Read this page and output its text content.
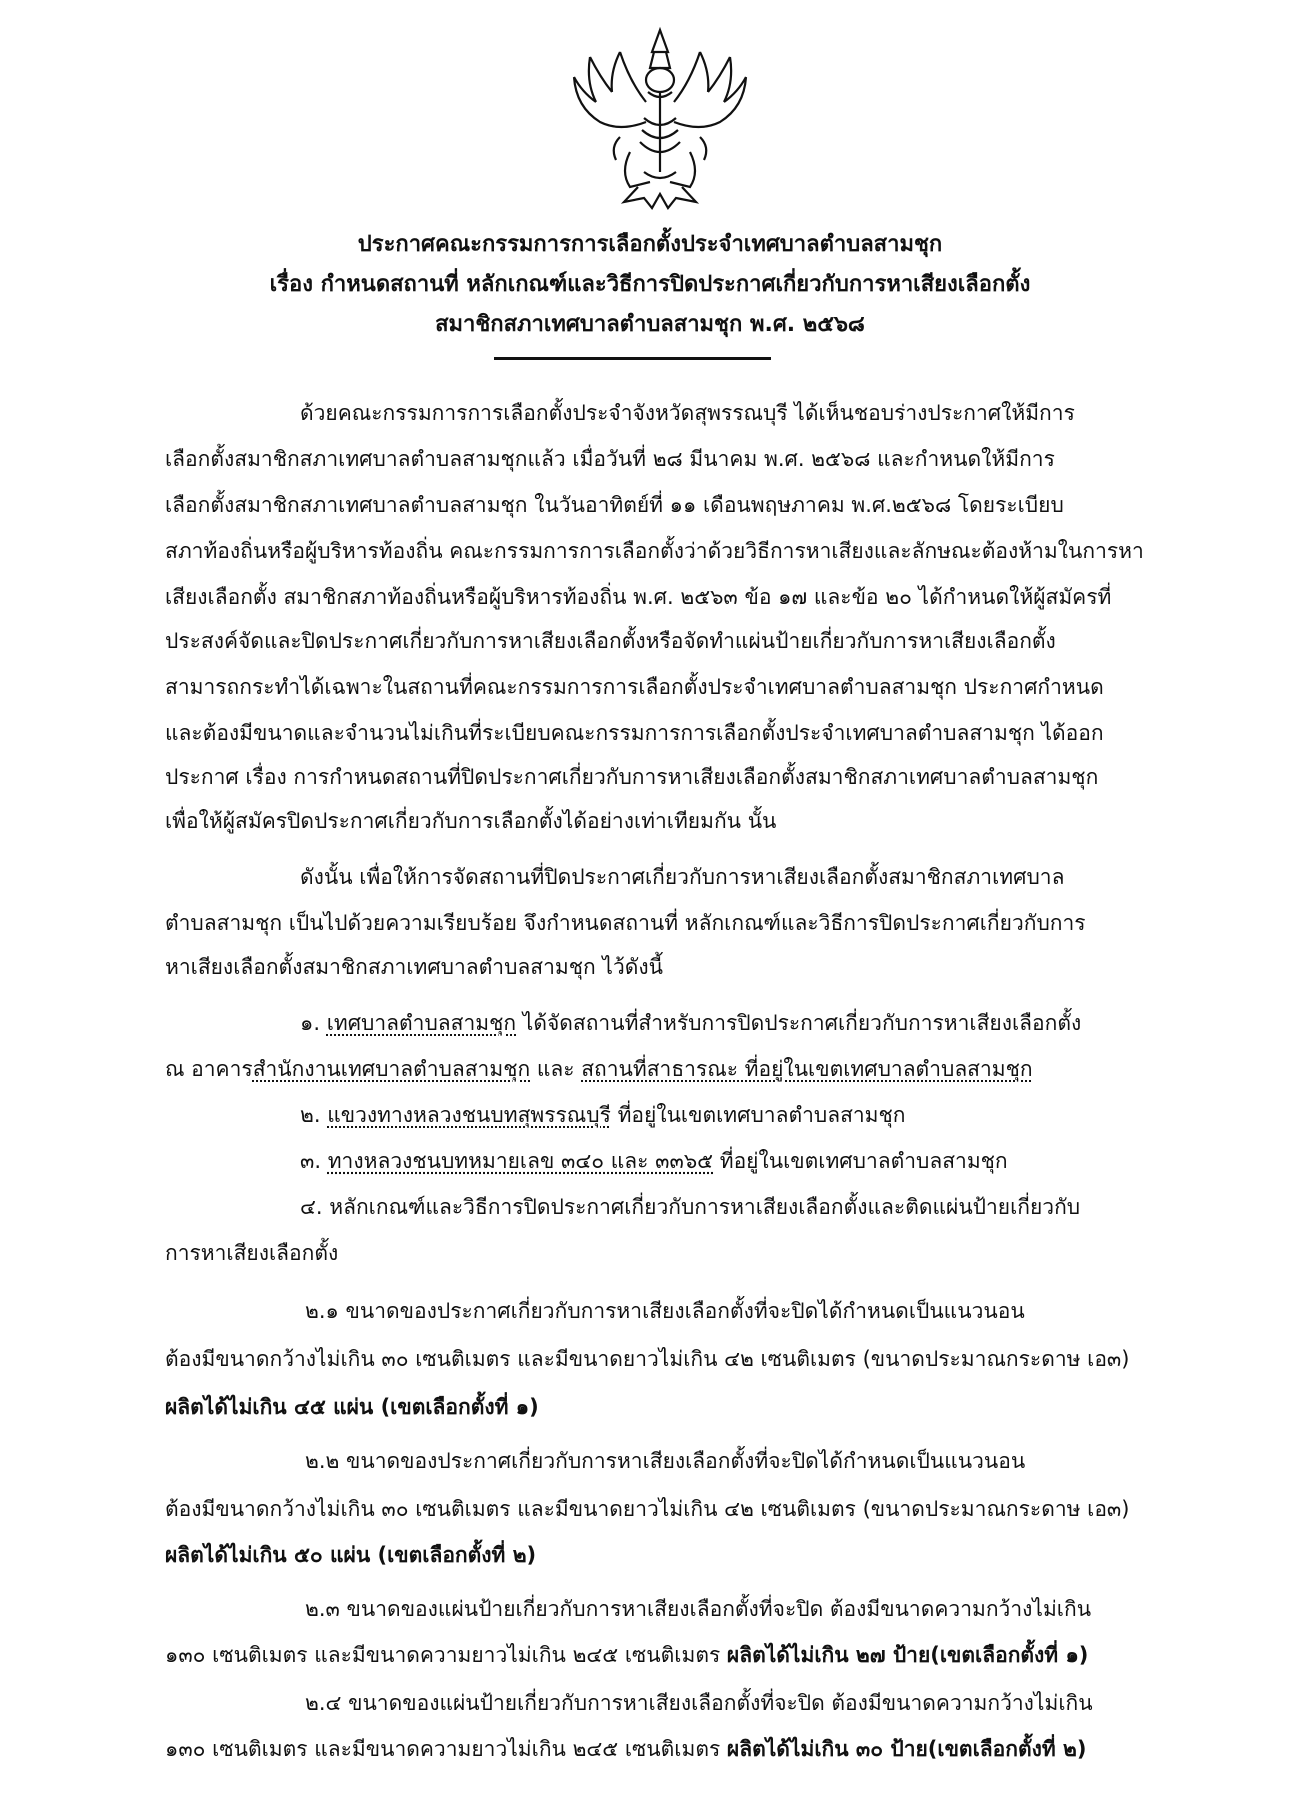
ประกาศคณะกรรมการการเลือกตั้งประจำเทศบาลตำบลสามชุก
เรื่อง กำหนดสถานที่ หลักเกณฑ์และวิธีการปิดประกาศเกี่ยวกับการหาเสียงเลือกตั้ง
สมาชิกสภาเทศบาลตำบลสามชุก พ.ศ. ๒๕๖๘
ด้วยคณะกรรมการการเลือกตั้งประจำจังหวัดสุพรรณบุรี ได้เห็นชอบร่างประกาศให้มีการ
เลือกตั้งสมาชิกสภาเทศบาลตำบลสามชุกแล้ว เมื่อวันที่ ๒๘ มีนาคม พ.ศ. ๒๕๖๘ และกำหนดให้มีการ
เลือกตั้งสมาชิกสภาเทศบาลตำบลสามชุก ในวันอาทิตย์ที่ ๑๑ เดือนพฤษภาคม พ.ศ.๒๕๖๘ โดยระเบียบ
สภาท้องถิ่นหรือผู้บริหารท้องถิ่น คณะกรรมการการเลือกตั้งว่าด้วยวิธีการหาเสียงและลักษณะต้องห้ามในการหา
เสียงเลือกตั้ง สมาชิกสภาท้องถิ่นหรือผู้บริหารท้องถิ่น พ.ศ. ๒๕๖๓ ข้อ ๑๗ และข้อ ๒๐ ได้กำหนดให้ผู้สมัครที่
ประสงค์จัดและปิดประกาศเกี่ยวกับการหาเสียงเลือกตั้งหรือจัดทำแผ่นป้ายเกี่ยวกับการหาเสียงเลือกตั้ง
สามารถกระทำได้เฉพาะในสถานที่คณะกรรมการการเลือกตั้งประจำเทศบาลตำบลสามชุก ประกาศกำหนด
และต้องมีขนาดและจำนวนไม่เกินที่ระเบียบคณะกรรมการการเลือกตั้งประจำเทศบาลตำบลสามชุก ได้ออก
ประกาศ เรื่อง การกำหนดสถานที่ปิดประกาศเกี่ยวกับการหาเสียงเลือกตั้งสมาชิกสภาเทศบาลตำบลสามชุก
เพื่อให้ผู้สมัครปิดประกาศเกี่ยวกับการเลือกตั้งได้อย่างเท่าเทียมกัน นั้น
ดังนั้น เพื่อให้การจัดสถานที่ปิดประกาศเกี่ยวกับการหาเสียงเลือกตั้งสมาชิกสภาเทศบาล
ตำบลสามชุก เป็นไปด้วยความเรียบร้อย จึงกำหนดสถานที่ หลักเกณฑ์และวิธีการปิดประกาศเกี่ยวกับการ
หาเสียงเลือกตั้งสมาชิกสภาเทศบาลตำบลสามชุก ไว้ดังนี้
๑. เทศบาลตำบลสามชุก ได้จัดสถานที่สำหรับการปิดประกาศเกี่ยวกับการหาเสียงเลือกตั้ง
ณ อาคารสำนักงานเทศบาลตำบลสามชุก และ สถานที่สาธารณะ ที่อยู่ในเขตเทศบาลตำบลสามชุก
๒. แขวงทางหลวงชนบทสุพรรณบุรี ที่อยู่ในเขตเทศบาลตำบลสามชุก
๓. ทางหลวงชนบทหมายเลข ๓๔๐ และ ๓๓๖๕ ที่อยู่ในเขตเทศบาลตำบลสามชุก
๔. หลักเกณฑ์และวิธีการปิดประกาศเกี่ยวกับการหาเสียงเลือกตั้งและติดแผ่นป้ายเกี่ยวกับ
การหาเสียงเลือกตั้ง
๒.๑ ขนาดของประกาศเกี่ยวกับการหาเสียงเลือกตั้งที่จะปิดได้กำหนดเป็นแนวนอน
ต้องมีขนาดกว้างไม่เกิน ๓๐ เซนติเมตร และมีขนาดยาวไม่เกิน ๔๒ เซนติเมตร (ขนาดประมาณกระดาษ เอ๓)
ผลิตได้ไม่เกิน ๔๕ แผ่น (เขตเลือกตั้งที่ ๑)
๒.๒ ขนาดของประกาศเกี่ยวกับการหาเสียงเลือกตั้งที่จะปิดได้กำหนดเป็นแนวนอน
ต้องมีขนาดกว้างไม่เกิน ๓๐ เซนติเมตร และมีขนาดยาวไม่เกิน ๔๒ เซนติเมตร (ขนาดประมาณกระดาษ เอ๓)
ผลิตได้ไม่เกิน ๕๐ แผ่น (เขตเลือกตั้งที่ ๒)
๒.๓ ขนาดของแผ่นป้ายเกี่ยวกับการหาเสียงเลือกตั้งที่จะปิด ต้องมีขนาดความกว้างไม่เกิน
๑๓๐ เซนติเมตร และมีขนาดความยาวไม่เกิน ๒๔๕ เซนติเมตร ผลิตได้ไม่เกิน ๒๗ ป้าย(เขตเลือกตั้งที่ ๑)
๒.๔ ขนาดของแผ่นป้ายเกี่ยวกับการหาเสียงเลือกตั้งที่จะปิด ต้องมีขนาดความกว้างไม่เกิน
๑๓๐ เซนติเมตร และมีขนาดความยาวไม่เกิน ๒๔๕ เซนติเมตร ผลิตได้ไม่เกิน ๓๐ ป้าย(เขตเลือกตั้งที่ ๒)
